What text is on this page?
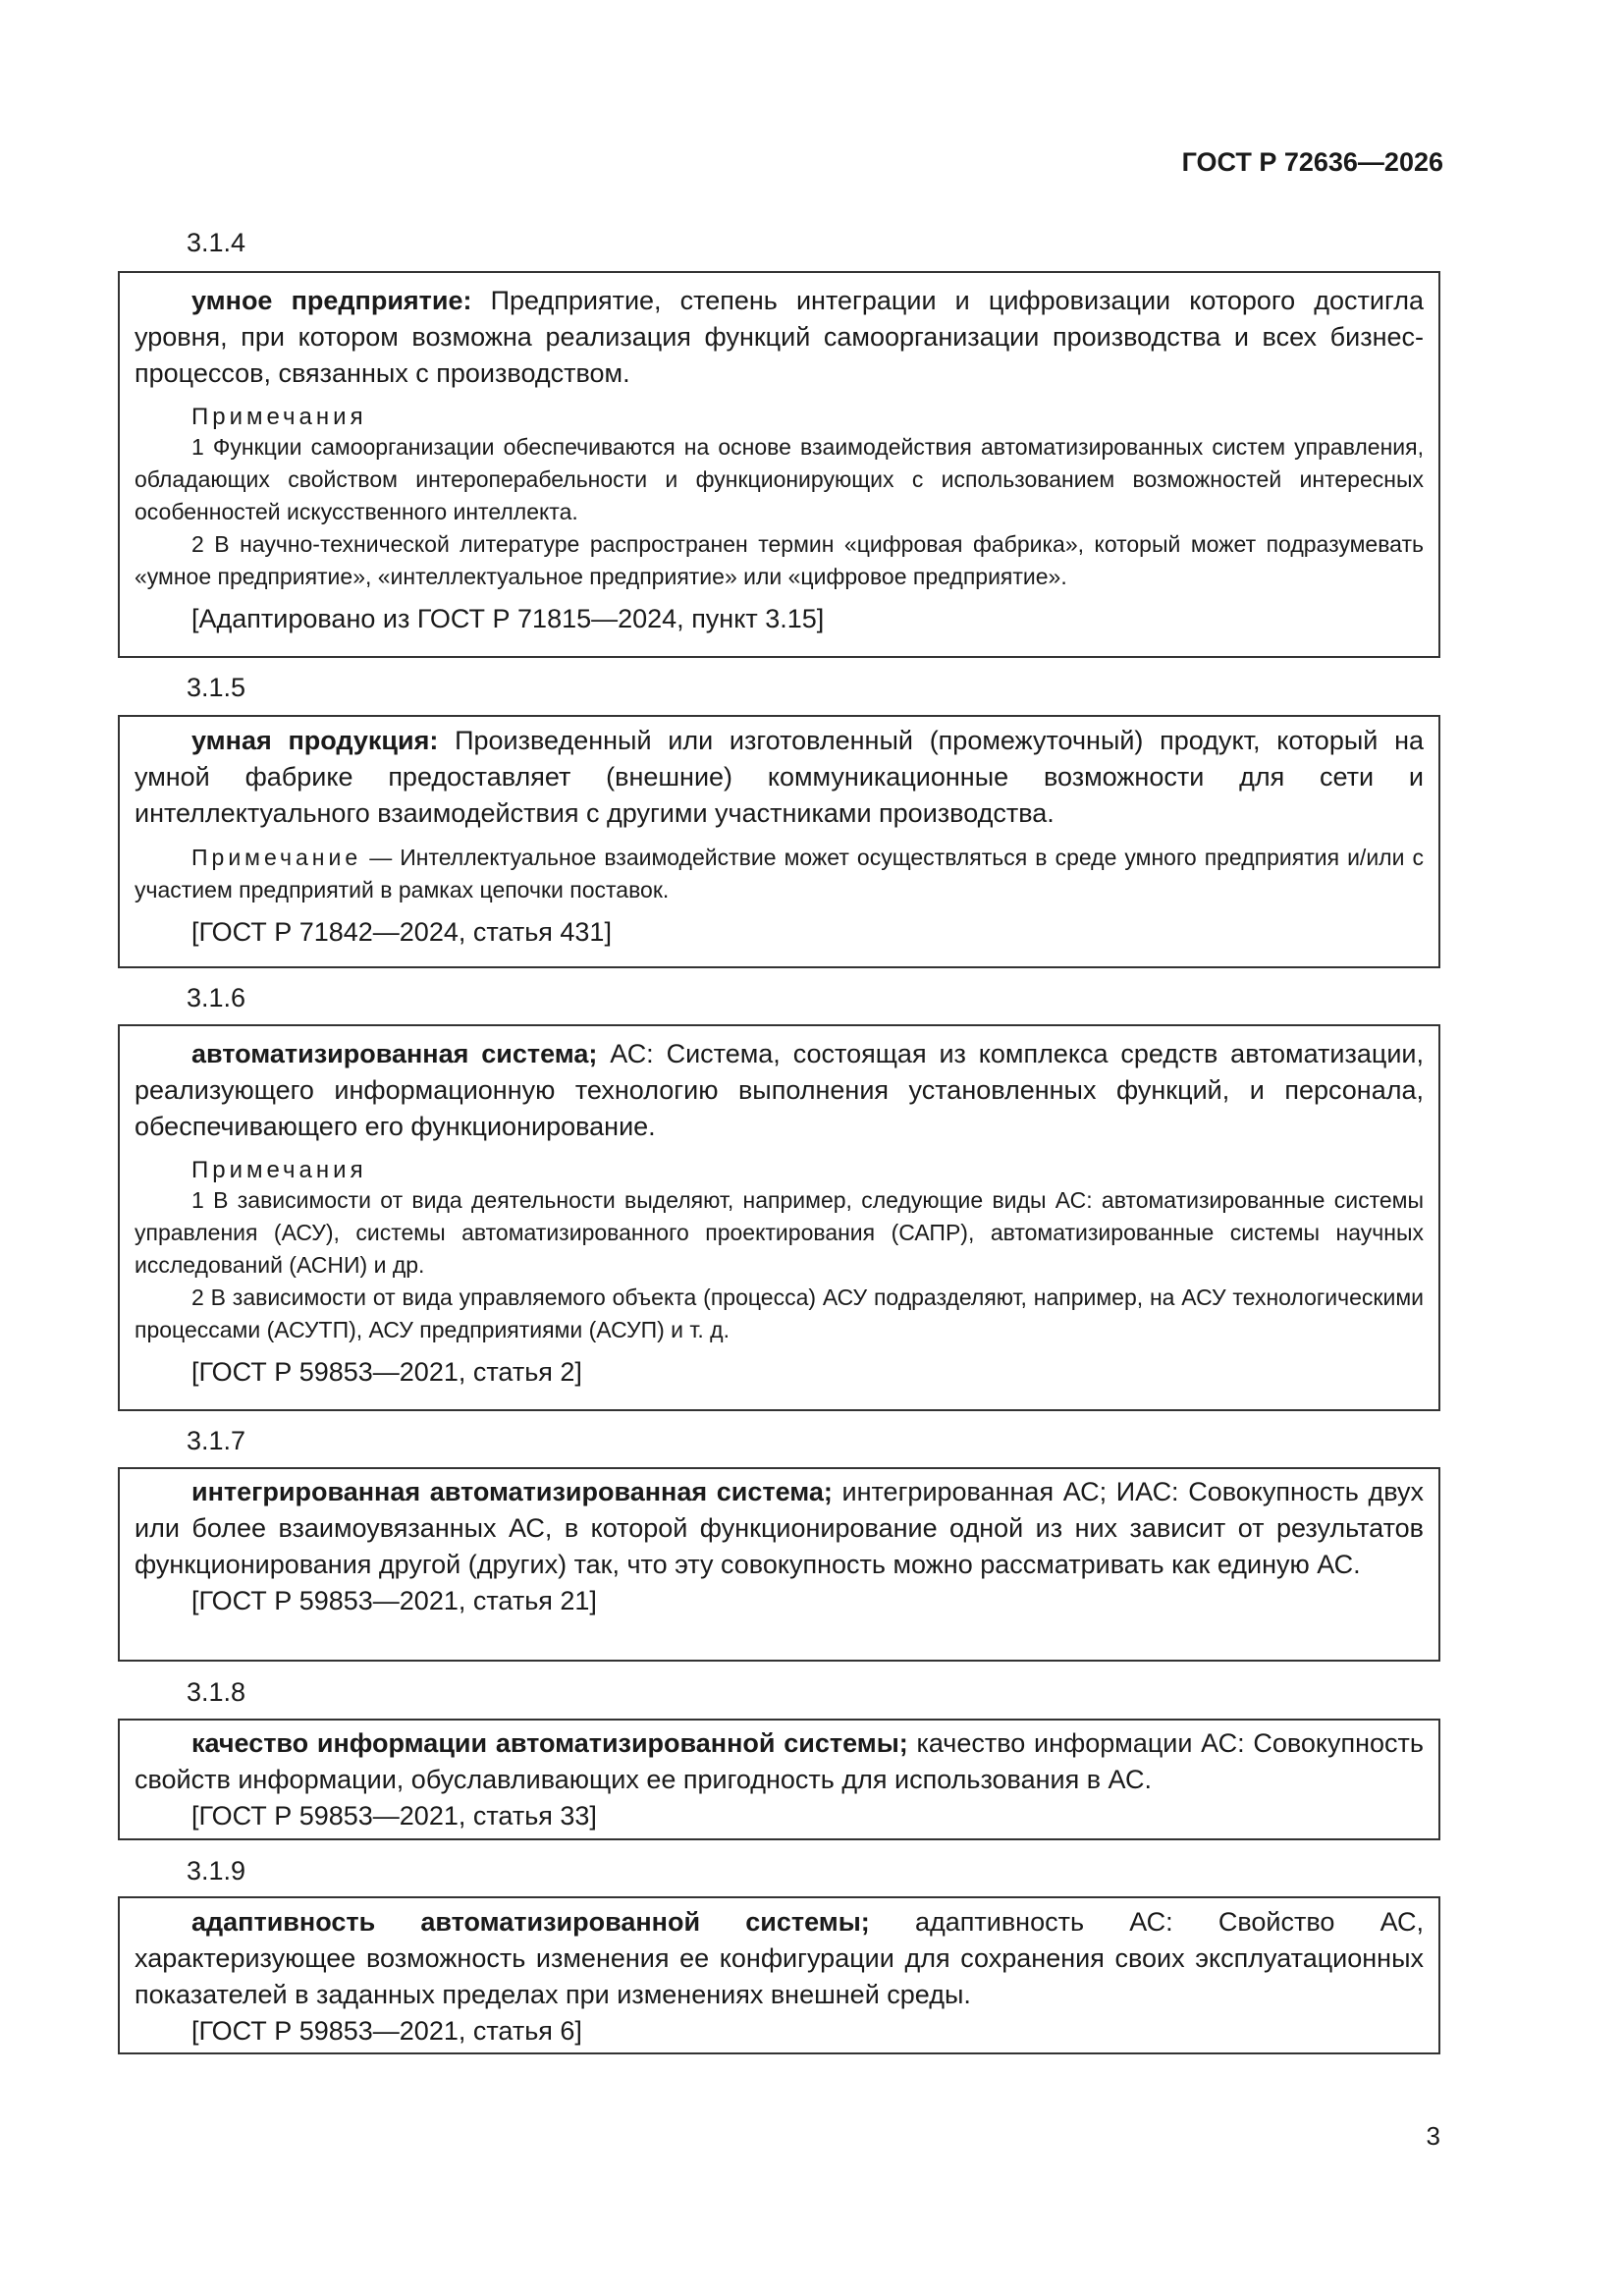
ГОСТ Р 72636—2026
3.1.4

умное предприятие: Предприятие, степень интеграции и цифровизации которого достигла уровня, при котором возможна реализация функций самоорганизации производства и всех бизнес-процессов, связанных с производством.

Примечания

1 Функции самоорганизации обеспечиваются на основе взаимодействия автоматизированных систем управления, обладающих свойством интероперабельности и функционирующих с использованием возможностей интересных особенностей искусственного интеллекта.

2 В научно-технической литературе распространен термин «цифровая фабрика», который может подразумевать «умное предприятие», «интеллектуальное предприятие» или «цифровое предприятие».

[Адаптировано из ГОСТ Р 71815—2024, пункт 3.15]

3.1.5

умная продукция: Произведенный или изготовленный (промежуточный) продукт, который на умной фабрике предоставляет (внешние) коммуникационные возможности для сети и интеллектуального взаимодействия с другими участниками производства.

Примечание — Интеллектуальное взаимодействие может осуществляться в среде умного предприятия и/или с участием предприятий в рамках цепочки поставок.

[ГОСТ Р 71842—2024, статья 431]

3.1.6

автоматизированная система; АС: Система, состоящая из комплекса средств автоматизации, реализующего информационную технологию выполнения установленных функций, и персонала, обеспечивающего его функционирование.

Примечания

1 В зависимости от вида деятельности выделяют, например, следующие виды АС: автоматизированные системы управления (АСУ), системы автоматизированного проектирования (САПР), автоматизированные системы научных исследований (АСНИ) и др.

2 В зависимости от вида управляемого объекта (процесса) АСУ подразделяют, например, на АСУ технологическими процессами (АСУТП), АСУ предприятиями (АСУП) и т. д.

[ГОСТ Р 59853—2021, статья 2]

3.1.7

интегрированная автоматизированная система; интегрированная АС; ИАС: Совокупность двух или более взаимоувязанных АС, в которой функционирование одной из них зависит от результатов функционирования другой (других) так, что эту совокупность можно рассматривать как единую АС.

[ГОСТ Р 59853—2021, статья 21]

3.1.8

качество информации автоматизированной системы; качество информации АС: Совокупность свойств информации, обуславливающих ее пригодность для использования в АС.

[ГОСТ Р 59853—2021, статья 33]

3.1.9

адаптивность автоматизированной системы; адаптивность АС: Свойство АС, характеризующее возможность изменения ее конфигурации для сохранения своих эксплуатационных показателей в заданных пределах при изменениях внешней среды.

[ГОСТ Р 59853—2021, статья 6]

3
